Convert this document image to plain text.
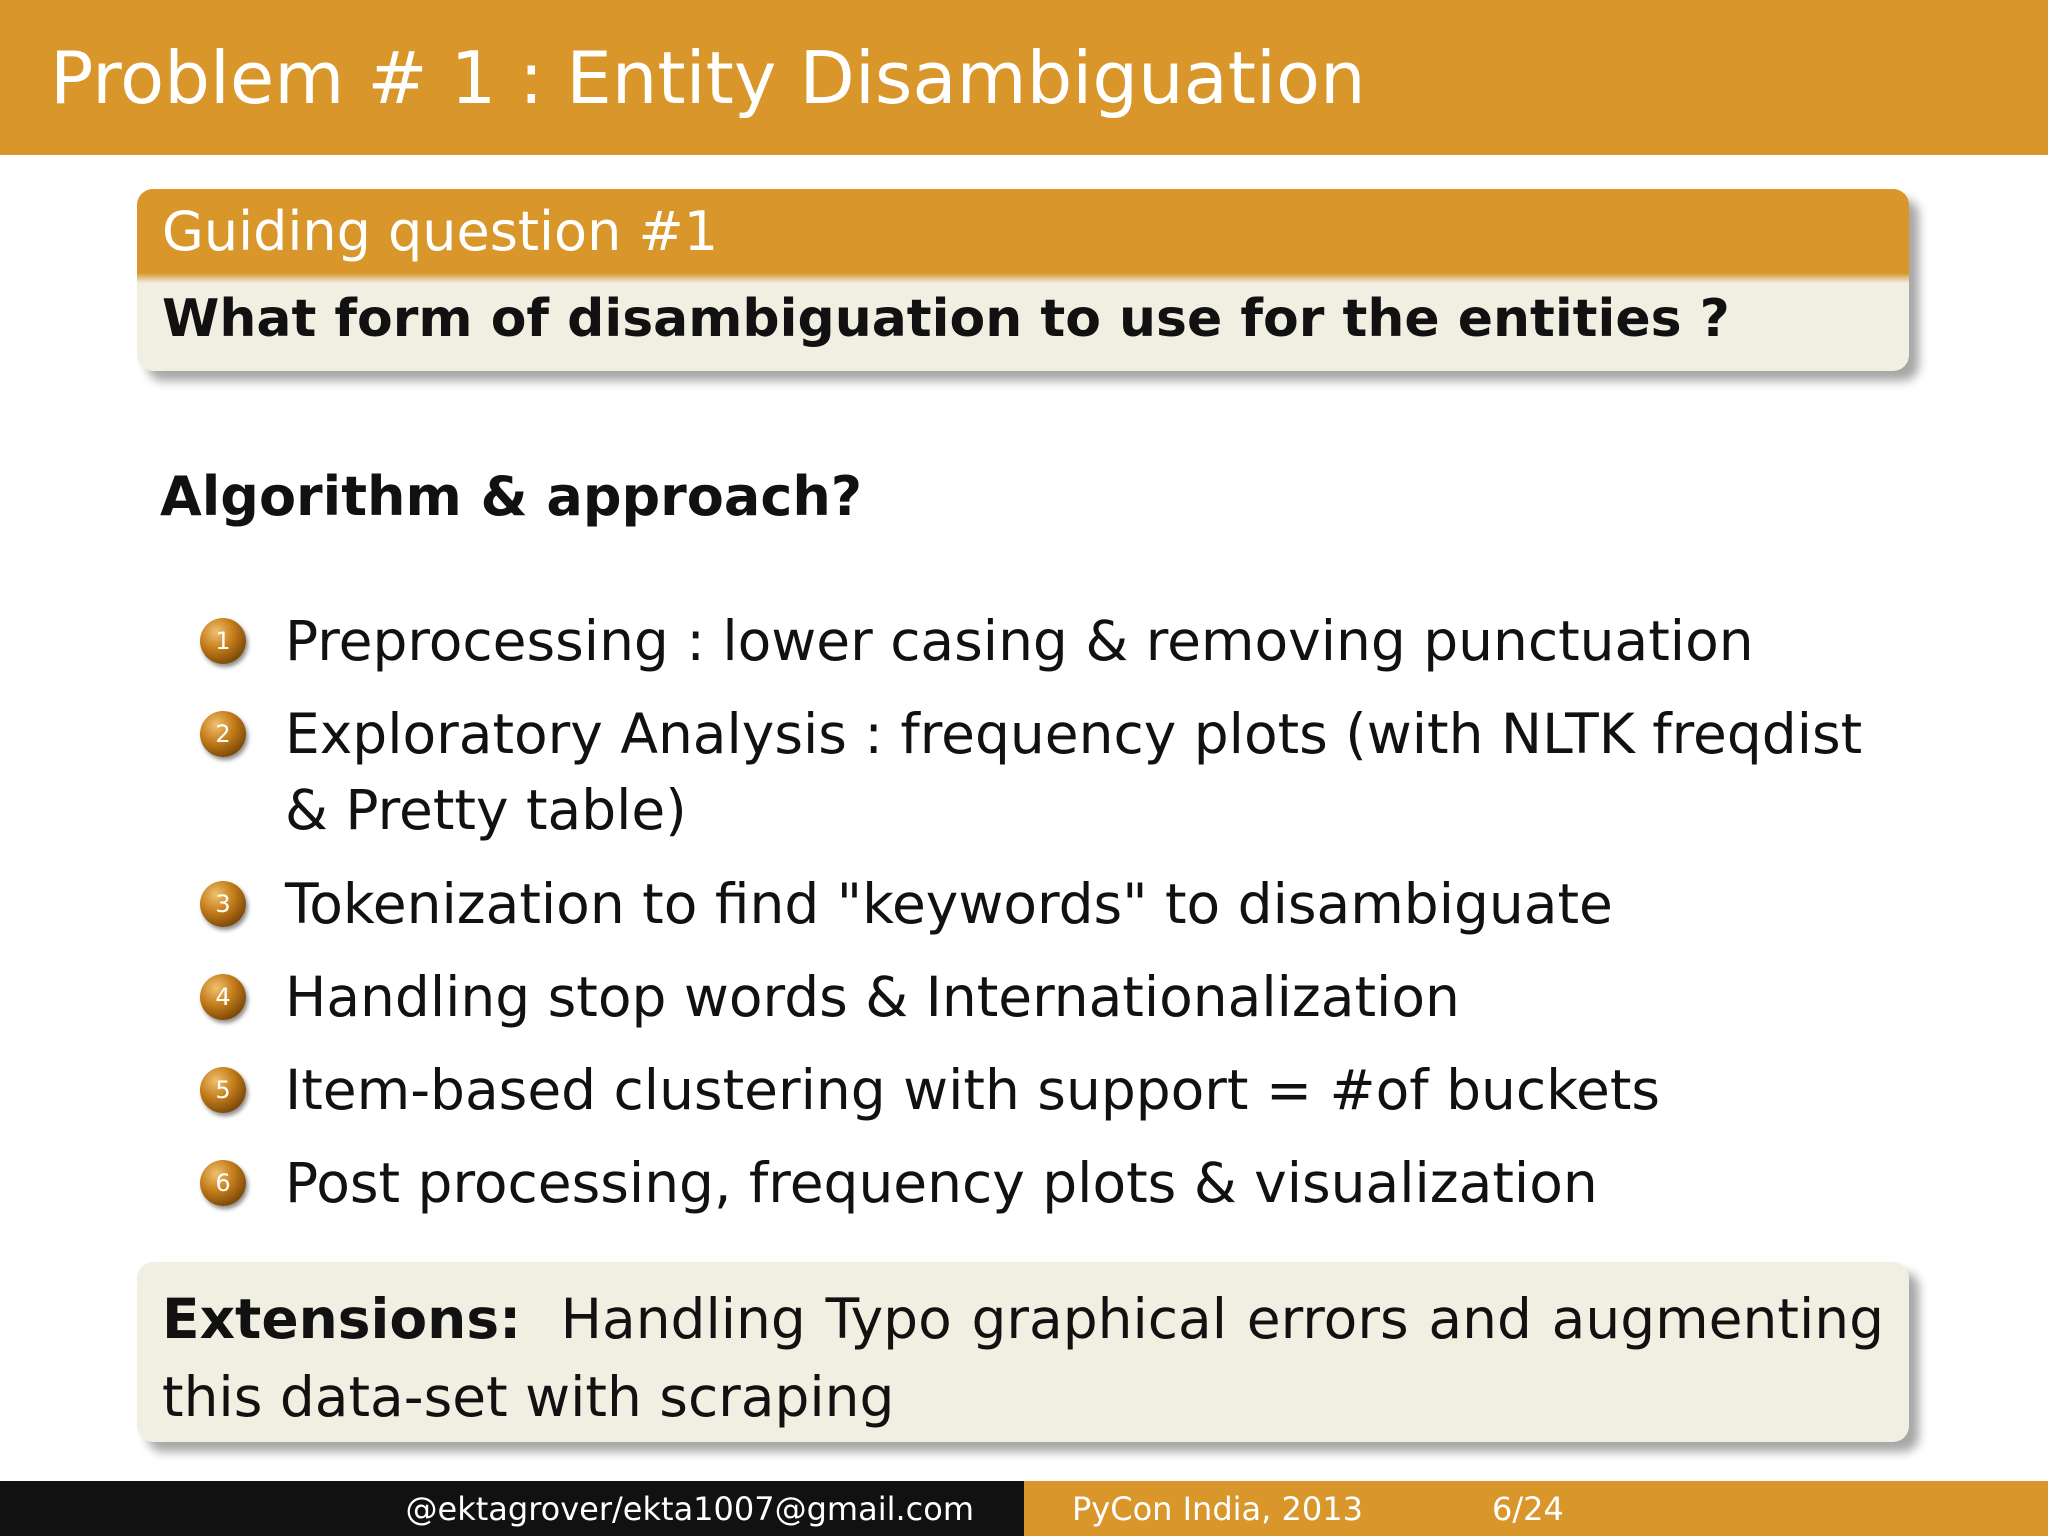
Problem # 1 : Entity Disambiguation
Guiding question #1
What form of disambiguation to use for the entities ?
Algorithm & approach?
1 Preprocessing : lower casing & removing punctuation
2 Exploratory Analysis : frequency plots (with NLTK freqdist & Pretty table)
3 Tokenization to find "keywords" to disambiguate
4 Handling stop words & Internationalization
5 Item-based clustering with support = #of buckets
6 Post processing, frequency plots & visualization
Extensions: Handling Typo graphical errors and augmenting this data-set with scraping
@ektagrover/ekta1007@gmail.com	PyCon India, 2013	6/24
